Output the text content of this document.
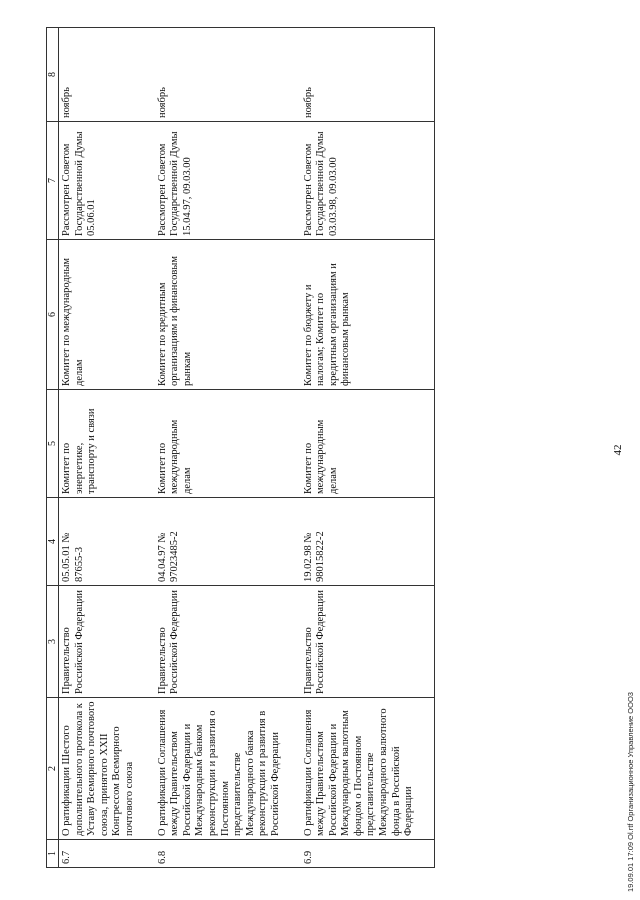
1	2	3	4	5	6	7	8
6.7	О ратификации Шестого дополнительного протокола к Уставу Всемирного почтового союза, принятого XXII Конгрессом Всемирного почтового союза	Правительство Российской Федерации	05.05.01 № 87655-3	Комитет по энергетике, транспорту и связи	Комитет по международным делам	Рассмотрен Советом Государственной Думы 05.06.01	ноябрь
6.8	О ратификации Соглашения между Правительством Российской Федерации и Международным банком реконструкции и развития о Постоянном представительстве Международного банка реконструкции и развития в Российской Федерации	Правительство Российской Федерации	04.04.97 № 97023485-2	Комитет по международным делам	Комитет по кредитным организациям и финансовым рынкам	Рассмотрен Советом Государственной Думы 15.04.97, 09.03.00	ноябрь
6.9	О ратификации Соглашения между Правительством Российской Федерации и Международным валютным фондом о Постоянном представительстве Международного валютного фонда в Российской Федерации	Правительство Российской Федерации	19.02.98 № 98015822-2	Комитет по международным делам	Комитет по бюджету и налогам; Комитет по кредитным организациям и финансовым рынкам	Рассмотрен Советом Государственной Думы 03.03.98, 09.03.00	ноябрь
42
19.09.01 17:09 Ol.rtf Организационное Управление ООО3
